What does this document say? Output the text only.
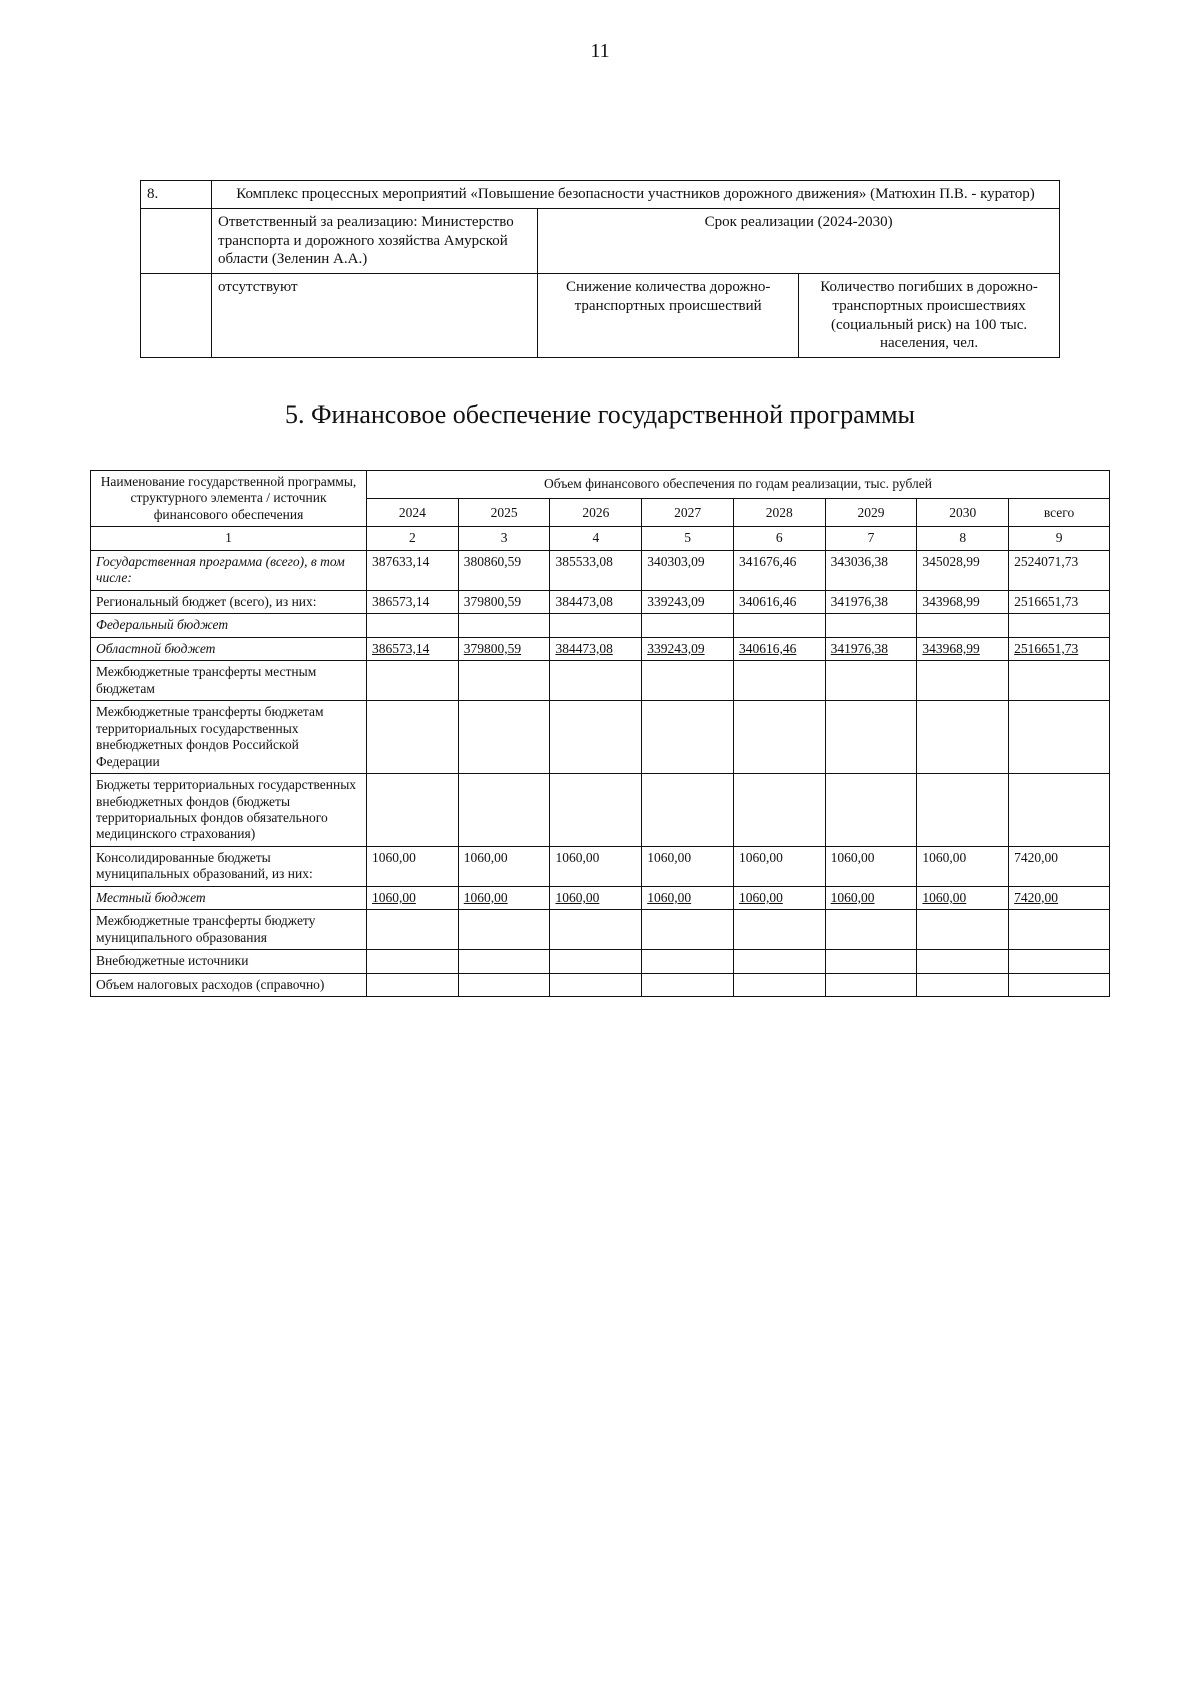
11
8.	Комплекс процессных мероприятий «Повышение безопасности участников дорожного движения» (Матюхин П.В. - куратор)
	Ответственный за реализацию: Министерство транспорта и дорожного хозяйства Амурской области (Зеленин А.А.)	Срок реализации (2024-2030)
	отсутствуют		Снижение количества дорожно-транспортных происшествий	Количество погибших в дорожно-транспортных происшествиях (социальный риск) на 100 тыс. населения, чел.
5. Финансовое обеспечение государственной программы
Наименование государственной программы, структурного элемента / источник финансового обеспечения	Объем финансового обеспечения по годам реализации, тыс. рублей							
	2024	2025	2026	2027	2028	2029	2030	всего
1	2	3	4	5	6	7	8	9
Государственная программа (всего), в том числе:	387633,14	380860,59	385533,08	340303,09	341676,46	343036,38	345028,99	2524071,73
Региональный бюджет (всего), из них:	386573,14	379800,59	384473,08	339243,09	340616,46	341976,38	343968,99	2516651,73
Федеральный бюджет								
Областной бюджет	386573,14	379800,59	384473,08	339243,09	340616,46	341976,38	343968,99	2516651,73
Межбюджетные трансферты местным бюджетам								
Межбюджетные трансферты бюджетам территориальных государственных внебюджетных фондов Российской Федерации								
Бюджеты территориальных государственных внебюджетных фондов (бюджеты территориальных фондов обязательного медицинского страхования)								
Консолидированные бюджеты муниципальных образований, из них:	1060,00	1060,00	1060,00	1060,00	1060,00	1060,00	1060,00	7420,00
Местный бюджет	1060,00	1060,00	1060,00	1060,00	1060,00	1060,00	1060,00	7420,00
Межбюджетные трансферты бюджету муниципального образования								
Внебюджетные источники								
Объем налоговых расходов (справочно)								
